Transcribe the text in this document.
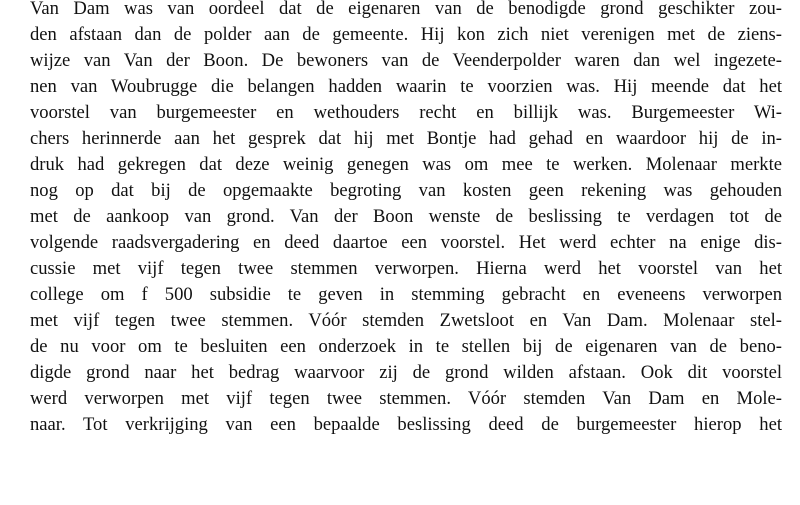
Van Dam was van oordeel dat de eigenaren van de benodigde grond geschikter zou-
den afstaan dan de polder aan de gemeente. Hij kon zich niet verenigen met de ziens-
wijze van Van der Boon. De bewoners van de Veenderpolder waren dan wel ingezete-
nen van Woubrugge die belangen hadden waarin te voorzien was. Hij meende dat het
voorstel van burgemeester en wethouders recht en billijk was. Burgemeester Wi-
chers herinnerde aan het gesprek dat hij met Bontje had gehad en waardoor hij de in-
druk had gekregen dat deze weinig genegen was om mee te werken. Molenaar merkte
nog op dat bij de opgemaakte begroting van kosten geen rekening was gehouden
met de aankoop van grond. Van der Boon wenste de beslissing te verdagen tot de
volgende raadsvergadering en deed daartoe een voorstel. Het werd echter na enige dis-
cussie met vijf tegen twee stemmen verworpen. Hierna werd het voorstel van het
college om f 500 subsidie te geven in stemming gebracht en eveneens verworpen
met vijf tegen twee stemmen. Vóór stemden Zwetsloot en Van Dam. Molenaar stel-
de nu voor om te besluiten een onderzoek in te stellen bij de eigenaren van de beno-
digde grond naar het bedrag waarvoor zij de grond wilden afstaan. Ook dit voorstel
werd verworpen met vijf tegen twee stemmen. Vóór stemden Van Dam en Mole-
naar. Tot verkrijging van een bepaalde beslissing deed de burgemeester hierop het
